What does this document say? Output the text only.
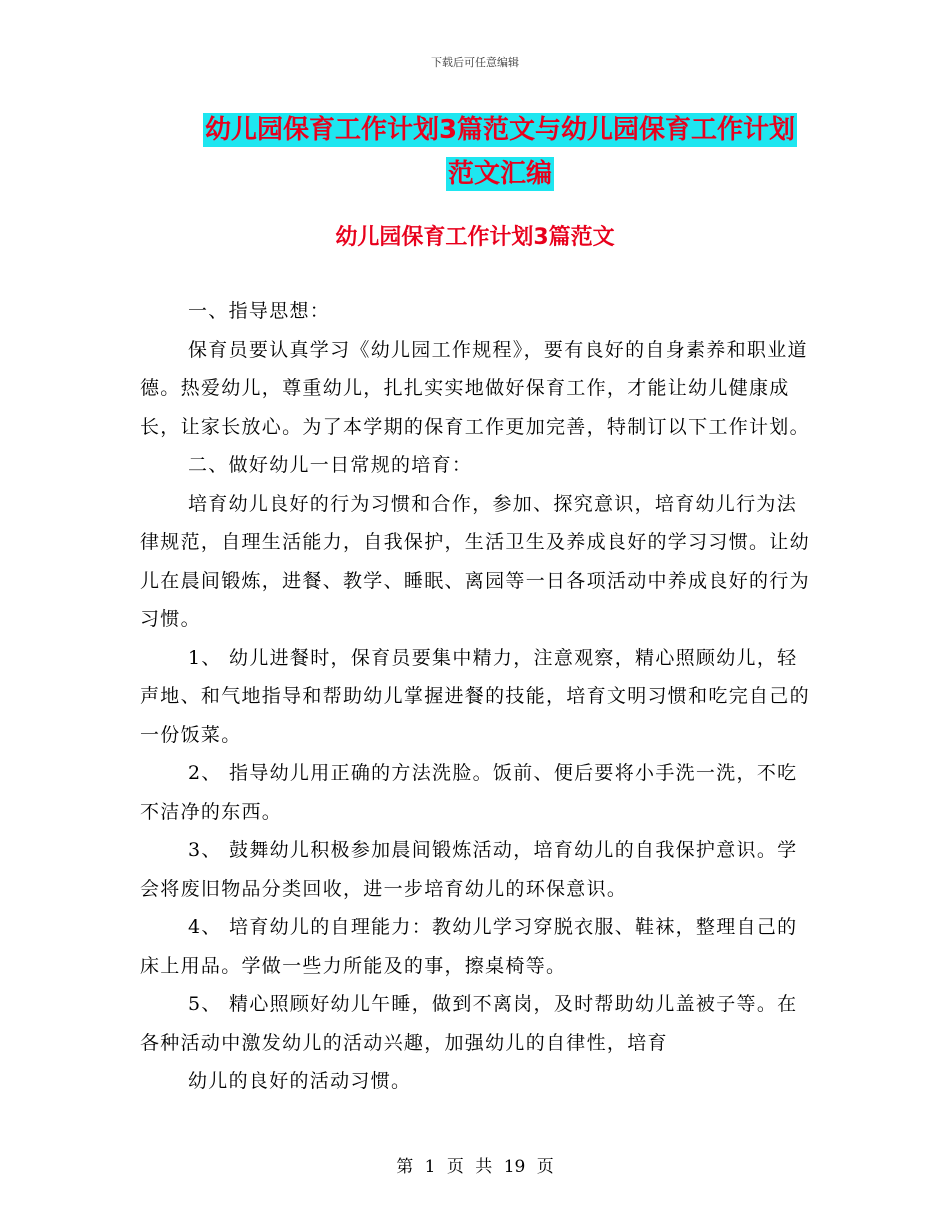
下载后可任意编辑
幼儿园保育工作计划3篇范文与幼儿园保育工作计划
范文汇编
幼儿园保育工作计划3篇范文

一、指导思想：

保育员要认真学习《幼儿园工作规程》，要有良好的自身素养和职业道德。热爱幼儿，尊重幼儿，扎扎实实地做好保育工作，才能让幼儿健康成长，让家长放心。为了本学期的保育工作更加完善，特制订以下工作计划。

二、做好幼儿一日常规的培育：

培育幼儿良好的行为习惯和合作，参加、探究意识，培育幼儿行为法律规范，自理生活能力，自我保护，生活卫生及养成良好的学习习惯。让幼儿在晨间锻炼，进餐、教学、睡眠、离园等一日各项活动中养成良好的行为习惯。

1、 幼儿进餐时，保育员要集中精力，注意观察，精心照顾幼儿，轻声地、和气地指导和帮助幼儿掌握进餐的技能，培育文明习惯和吃完自己的一份饭菜。

2、 指导幼儿用正确的方法洗脸。饭前、便后要将小手洗一洗，不吃不洁净的东西。

3、 鼓舞幼儿积极参加晨间锻炼活动，培育幼儿的自我保护意识。学会将废旧物品分类回收，进一步培育幼儿的环保意识。

4、 培育幼儿的自理能力：教幼儿学习穿脱衣服、鞋袜，整理自己的床上用品。学做一些力所能及的事，擦桌椅等。

5、 精心照顾好幼儿午睡，做到不离岗，及时帮助幼儿盖被子等。在各种活动中激发幼儿的活动兴趣，加强幼儿的自律性，培育

幼儿的良好的活动习惯。

第 1 页 共 19 页
